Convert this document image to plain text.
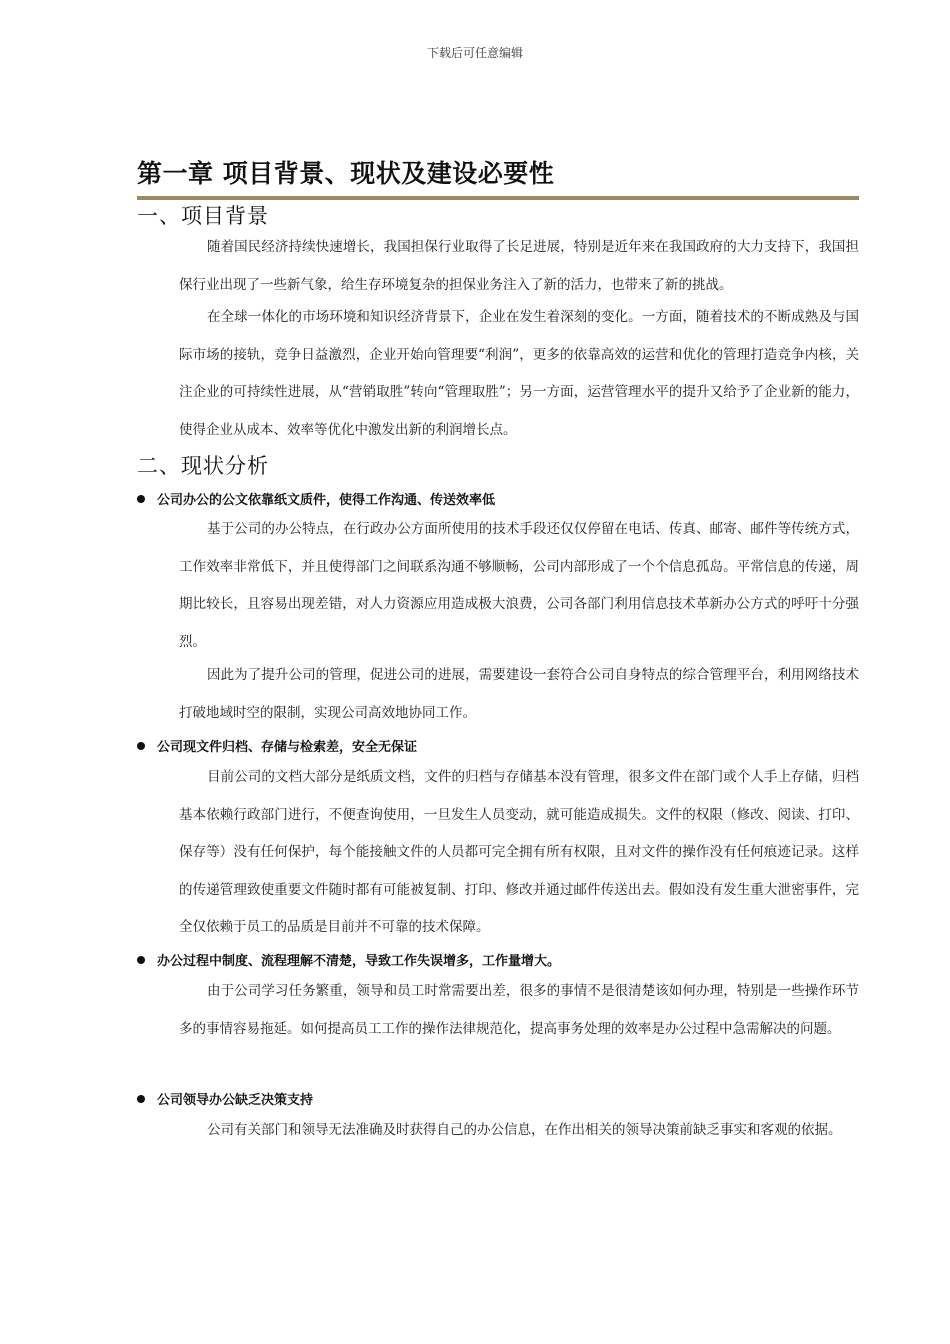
下载后可任意编辑
第一章 项目背景、现状及建设必要性
一、项目背景
随着国民经济持续快速增长，我国担保行业取得了长足进展，特别是近年来在我国政府的大力支持下，我国担保行业出现了一些新气象，给生存环境复杂的担保业务注入了新的活力，也带来了新的挑战。
在全球一体化的市场环境和知识经济背景下，企业在发生着深刻的变化。一方面，随着技术的不断成熟及与国际市场的接轨，竞争日益激烈，企业开始向管理要“利润”，更多的依靠高效的运营和优化的管理打造竞争内核，关注企业的可持续性进展，从“营销取胜”转向“管理取胜”；另一方面，运营管理水平的提升又给予了企业新的能力，使得企业从成本、效率等优化中激发出新的利润增长点。
二、现状分析
公司办公的公文依靠纸文质件，使得工作沟通、传送效率低
基于公司的办公特点，在行政办公方面所使用的技术手段还仅仅停留在电话、传真、邮寄、邮件等传统方式，工作效率非常低下，并且使得部门之间联系沟通不够顺畅，公司内部形成了一个个信息孤岛。平常信息的传递，周期比较长，且容易出现差错，对人力资源应用造成极大浪费，公司各部门利用信息技术革新办公方式的呼吁十分强烈。
因此为了提升公司的管理，促进公司的进展，需要建设一套符合公司自身特点的综合管理平台，利用网络技术打破地域时空的限制，实现公司高效地协同工作。
公司现文件归档、存储与检索差，安全无保证
目前公司的文档大部分是纸质文档，文件的归档与存储基本没有管理，很多文件在部门或个人手上存储，归档基本依赖行政部门进行，不便查询使用，一旦发生人员变动，就可能造成损失。文件的权限（修改、阅读、打印、保存等）没有任何保护，每个能接触文件的人员都可完全拥有所有权限，且对文件的操作没有任何痕迹记录。这样的传递管理致使重要文件随时都有可能被复制、打印、修改并通过邮件传送出去。假如没有发生重大泄密事件，完全仅依赖于员工的品质是目前并不可靠的技术保障。
办公过程中制度、流程理解不清楚，导致工作失误增多，工作量增大。
由于公司学习任务繁重，领导和员工时常需要出差，很多的事情不是很清楚该如何办理，特别是一些操作环节多的事情容易拖延。如何提高员工工作的操作法律规范化，提高事务处理的效率是办公过程中急需解决的问题。
公司领导办公缺乏决策支持
公司有关部门和领导无法准确及时获得自己的办公信息，在作出相关的领导决策前缺乏事实和客观的依据。
